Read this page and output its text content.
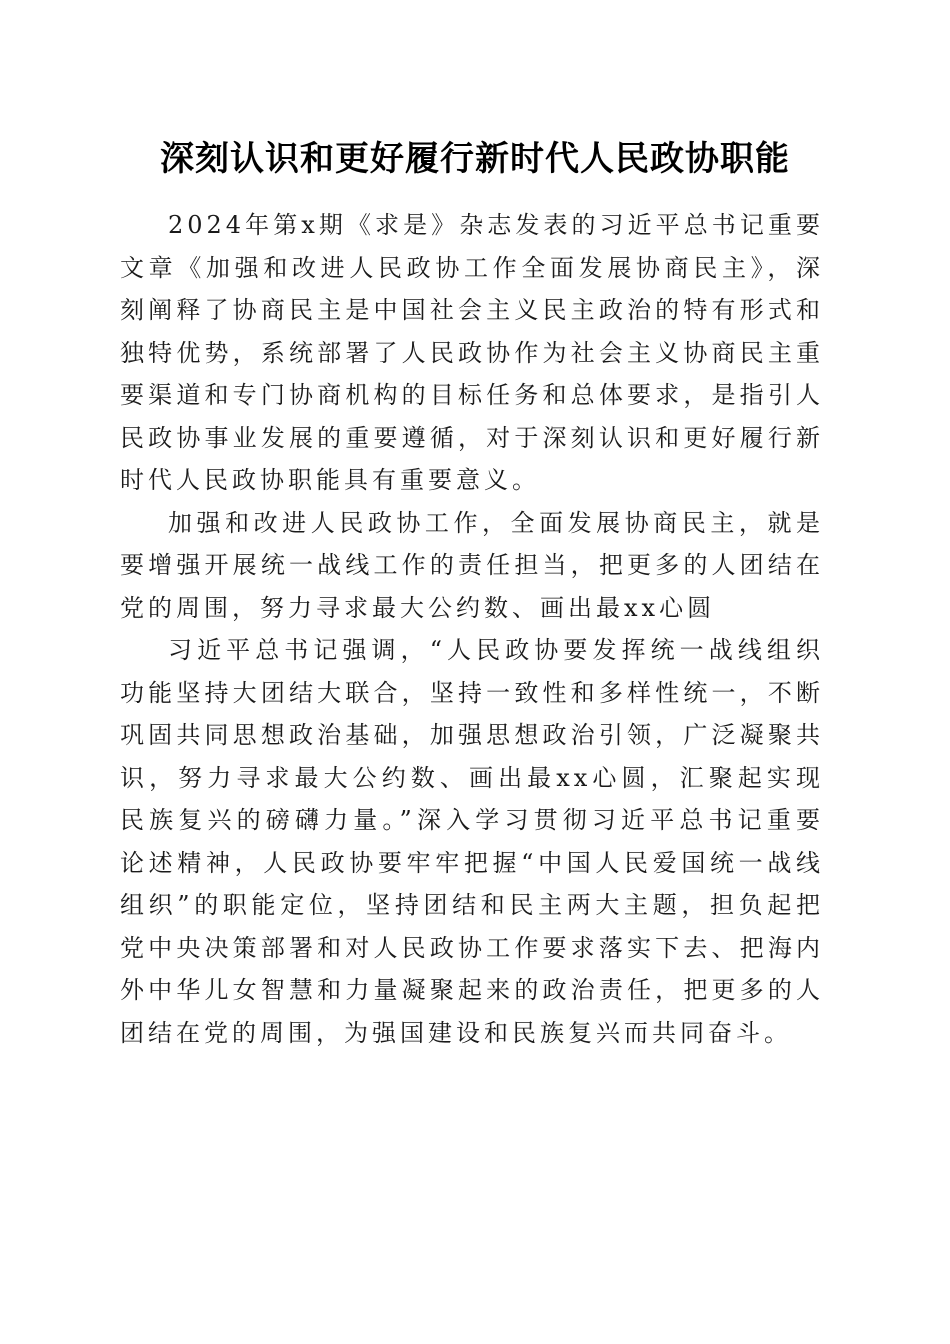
深刻认识和更好履行新时代人民政协职能

2024年第x期《求是》杂志发表的习近平总书记重要文章《加强和改进人民政协工作全面发展协商民主》，深刻阐释了协商民主是中国社会主义民主政治的特有形式和独特优势，系统部署了人民政协作为社会主义协商民主重要渠道和专门协商机构的目标任务和总体要求，是指引人民政协事业发展的重要遵循，对于深刻认识和更好履行新时代人民政协职能具有重要意义。

加强和改进人民政协工作，全面发展协商民主，就是要增强开展统一战线工作的责任担当，把更多的人团结在党的周围，努力寻求最大公约数、画出最xx心圆

习近平总书记强调，“人民政协要发挥统一战线组织功能坚持大团结大联合，坚持一致性和多样性统一，不断巩固共同思想政治基础，加强思想政治引领，广泛凝聚共识，努力寻求最大公约数、画出最xx心圆，汇聚起实现民族复兴的磅礴力量。”深入学习贯彻习近平总书记重要论述精神，人民政协要牢牢把握“中国人民爱国统一战线组织”的职能定位，坚持团结和民主两大主题，担负起把党中央决策部署和对人民政协工作要求落实下去、把海内外中华儿女智慧和力量凝聚起来的政治责任，把更多的人团结在党的周围，为强国建设和民族复兴而共同奋斗。
